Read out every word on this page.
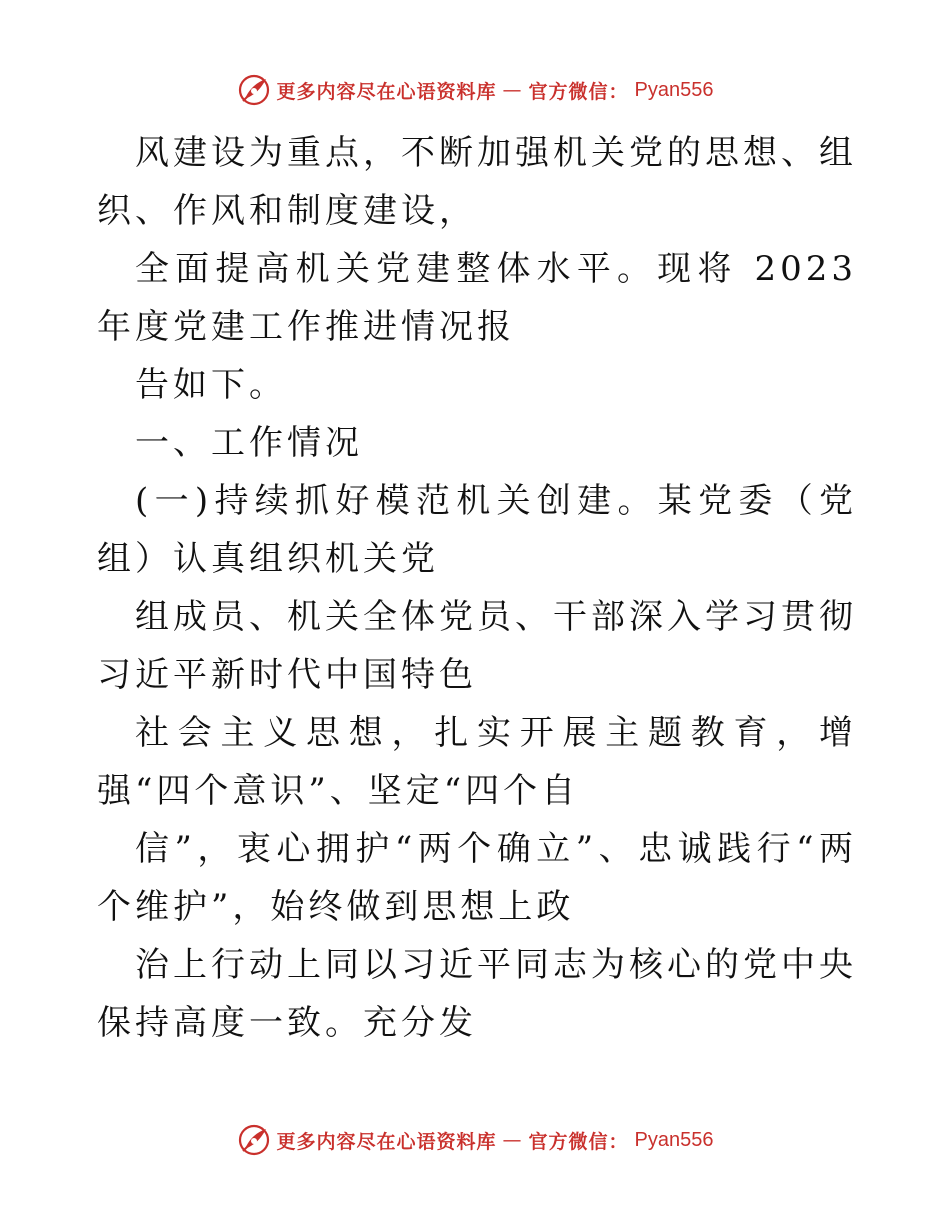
更多内容尽在心语资料库 — 官方微信： Pyan556

风建设为重点，不断加强机关党的思想、组织、作风和制度建设，

全面提高机关党建整体水平。现将 2023 年度党建工作推进情况报

告如下。

一、工作情况

(一)持续抓好模范机关创建。某党委（党组）认真组织机关党

组成员、机关全体党员、干部深入学习贯彻习近平新时代中国特色

社会主义思想，扎实开展主题教育，增强“四个意识”、坚定“四个自

信”，衷心拥护“两个确立”、忠诚践行“两个维护”，始终做到思想上政

治上行动上同以习近平同志为核心的党中央保持高度一致。充分发

更多内容尽在心语资料库 — 官方微信： Pyan556
